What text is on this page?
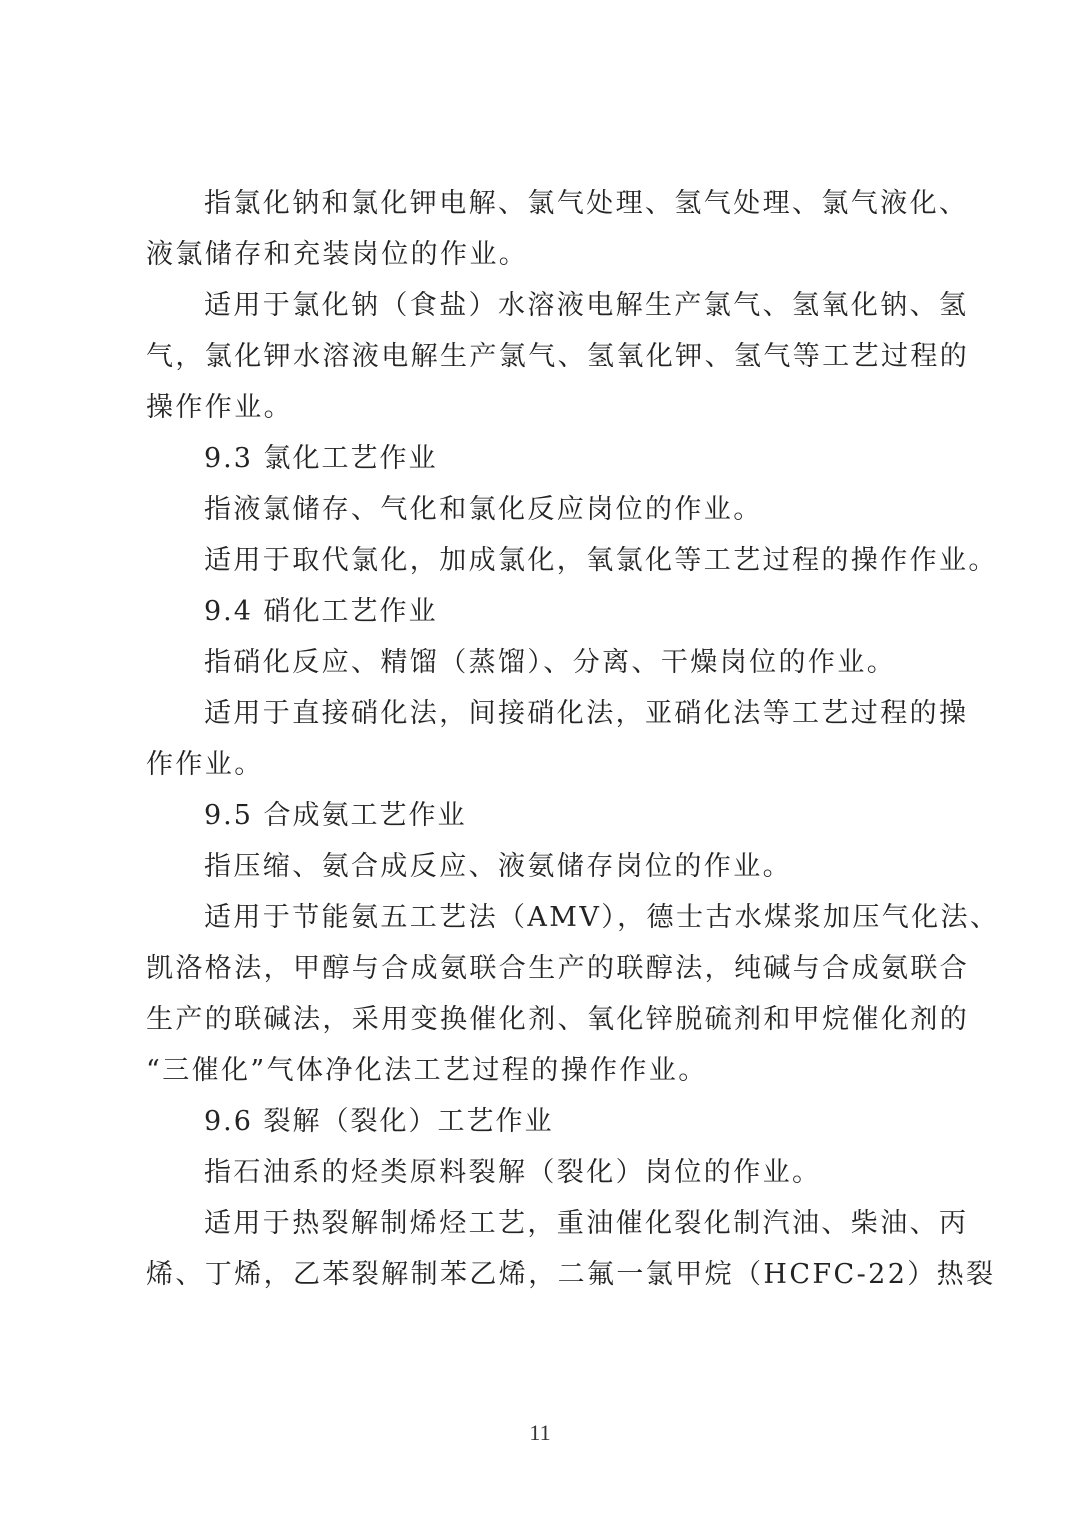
指氯化钠和氯化钾电解、氯气处理、氢气处理、氯气液化、
液氯储存和充装岗位的作业。
适用于氯化钠（食盐）水溶液电解生产氯气、氢氧化钠、氢
气，氯化钾水溶液电解生产氯气、氢氧化钾、氢气等工艺过程的
操作作业。
9.3 氯化工艺作业
指液氯储存、气化和氯化反应岗位的作业。
适用于取代氯化，加成氯化，氧氯化等工艺过程的操作作业。
9.4 硝化工艺作业
指硝化反应、精馏（蒸馏）、分离、干燥岗位的作业。
适用于直接硝化法，间接硝化法，亚硝化法等工艺过程的操
作作业。
9.5 合成氨工艺作业
指压缩、氨合成反应、液氨储存岗位的作业。
适用于节能氨五工艺法（AMV），德士古水煤浆加压气化法、
凯洛格法，甲醇与合成氨联合生产的联醇法，纯碱与合成氨联合
生产的联碱法，采用变换催化剂、氧化锌脱硫剂和甲烷催化剂的
“三催化”气体净化法工艺过程的操作作业。
9.6 裂解（裂化）工艺作业
指石油系的烃类原料裂解（裂化）岗位的作业。
适用于热裂解制烯烃工艺，重油催化裂化制汽油、柴油、丙
烯、丁烯，乙苯裂解制苯乙烯，二氟一氯甲烷（HCFC-22）热裂
11
